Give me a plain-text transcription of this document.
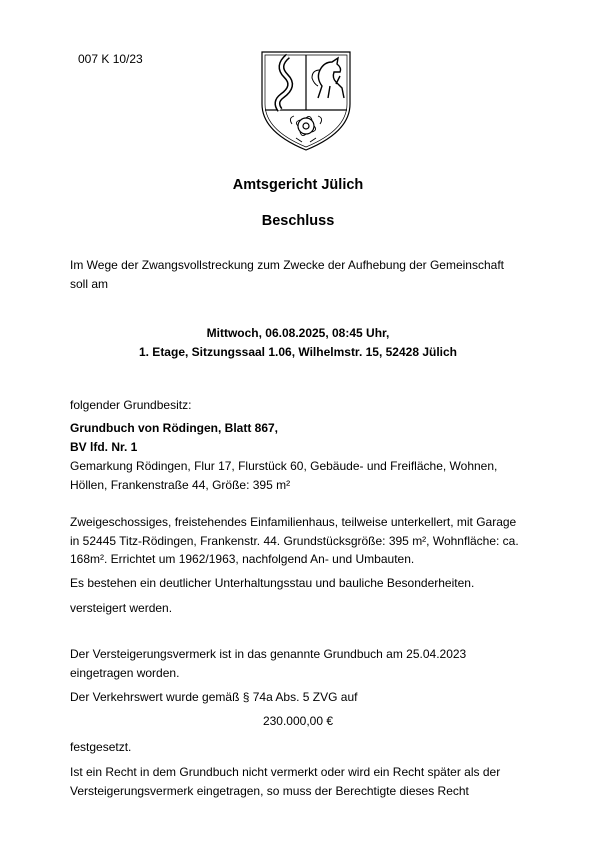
007 K 10/23
Amtsgericht Jülich
Beschluss
Im Wege der Zwangsvollstreckung zum Zwecke der Aufhebung der Gemeinschaft
soll am
Mittwoch, 06.08.2025, 08:45 Uhr,
1. Etage, Sitzungssaal 1.06, Wilhelmstr. 15, 52428 Jülich
folgender Grundbesitz:
Grundbuch von Rödingen, Blatt 867,
BV lfd. Nr. 1
Gemarkung Rödingen, Flur 17, Flurstück 60, Gebäude- und Freifläche, Wohnen,
Höllen, Frankenstraße 44, Größe: 395 m²
Zweigeschossiges, freistehendes Einfamilienhaus, teilweise unterkellert, mit Garage
in 52445 Titz-Rödingen, Frankenstr. 44. Grundstücksgröße: 395 m², Wohnfläche: ca.
168m². Errichtet um 1962/1963, nachfolgend An- und Umbauten.
Es bestehen ein deutlicher Unterhaltungsstau und bauliche Besonderheiten.
versteigert werden.
Der Versteigerungsvermerk ist in das genannte Grundbuch am 25.04.2023
eingetragen worden.
Der Verkehrswert wurde gemäß § 74a Abs. 5 ZVG auf
230.000,00 €
festgesetzt.
Ist ein Recht in dem Grundbuch nicht vermerkt oder wird ein Recht später als der
Versteigerungsvermerk eingetragen, so muss der Berechtigte dieses Recht
